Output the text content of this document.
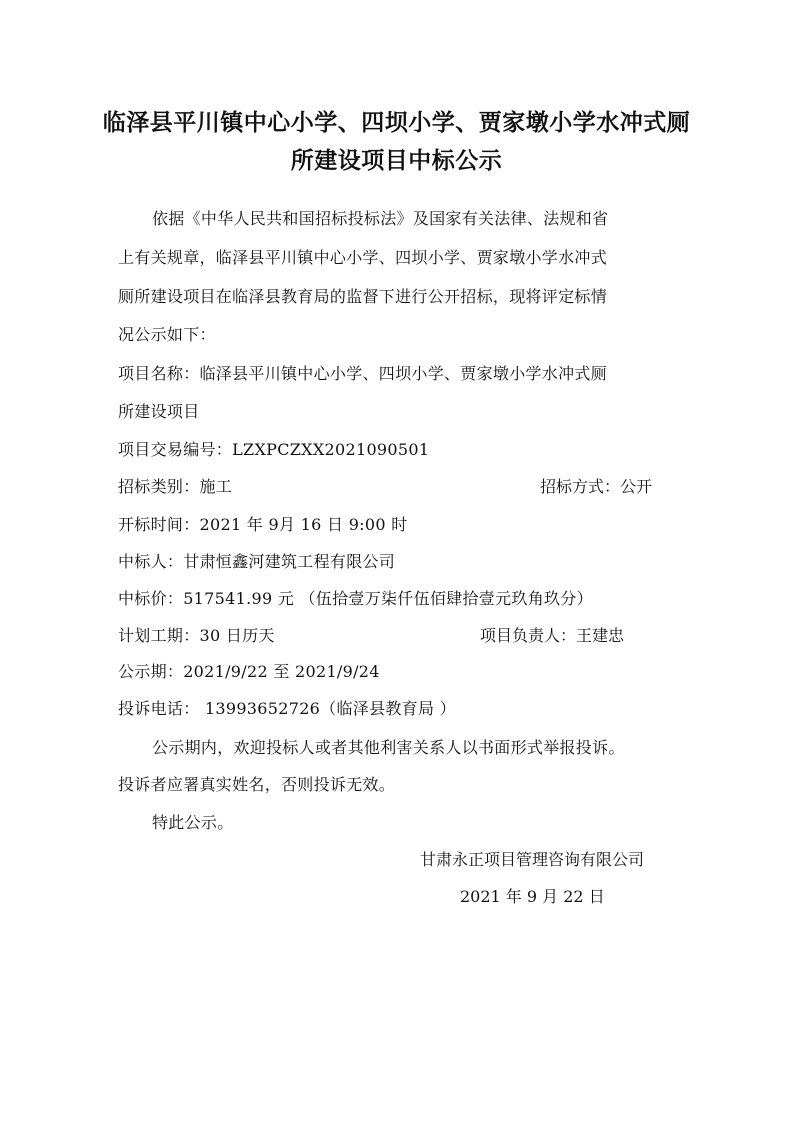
临泽县平川镇中心小学、四坝小学、贾家墩小学水冲式厕
所建设项目中标公示
依据《中华人民共和国招标投标法》及国家有关法律、法规和省
上有关规章，临泽县平川镇中心小学、四坝小学、贾家墩小学水冲式
厕所建设项目在临泽县教育局的监督下进行公开招标，现将评定标情
况公示如下：
项目名称：临泽县平川镇中心小学、四坝小学、贾家墩小学水冲式厕
所建设项目
项目交易编号：LZXPCZXX2021090501
招标类别：施工	招标方式：公开
开标时间：2021 年 9月 16 日 9:00 时
中标人：甘肃恒鑫河建筑工程有限公司
中标价：517541.99 元 （伍拾壹万柒仟伍佰肆拾壹元玖角玖分）
计划工期：30 日历天	项目负责人：王建忠
公示期：2021/9/22 至 2021/9/24
投诉电话： 13993652726（临泽县教育局 ）
公示期内，欢迎投标人或者其他利害关系人以书面形式举报投诉。
投诉者应署真实姓名，否则投诉无效。
特此公示。
甘肃永正项目管理咨询有限公司
2021 年 9 月 22 日
